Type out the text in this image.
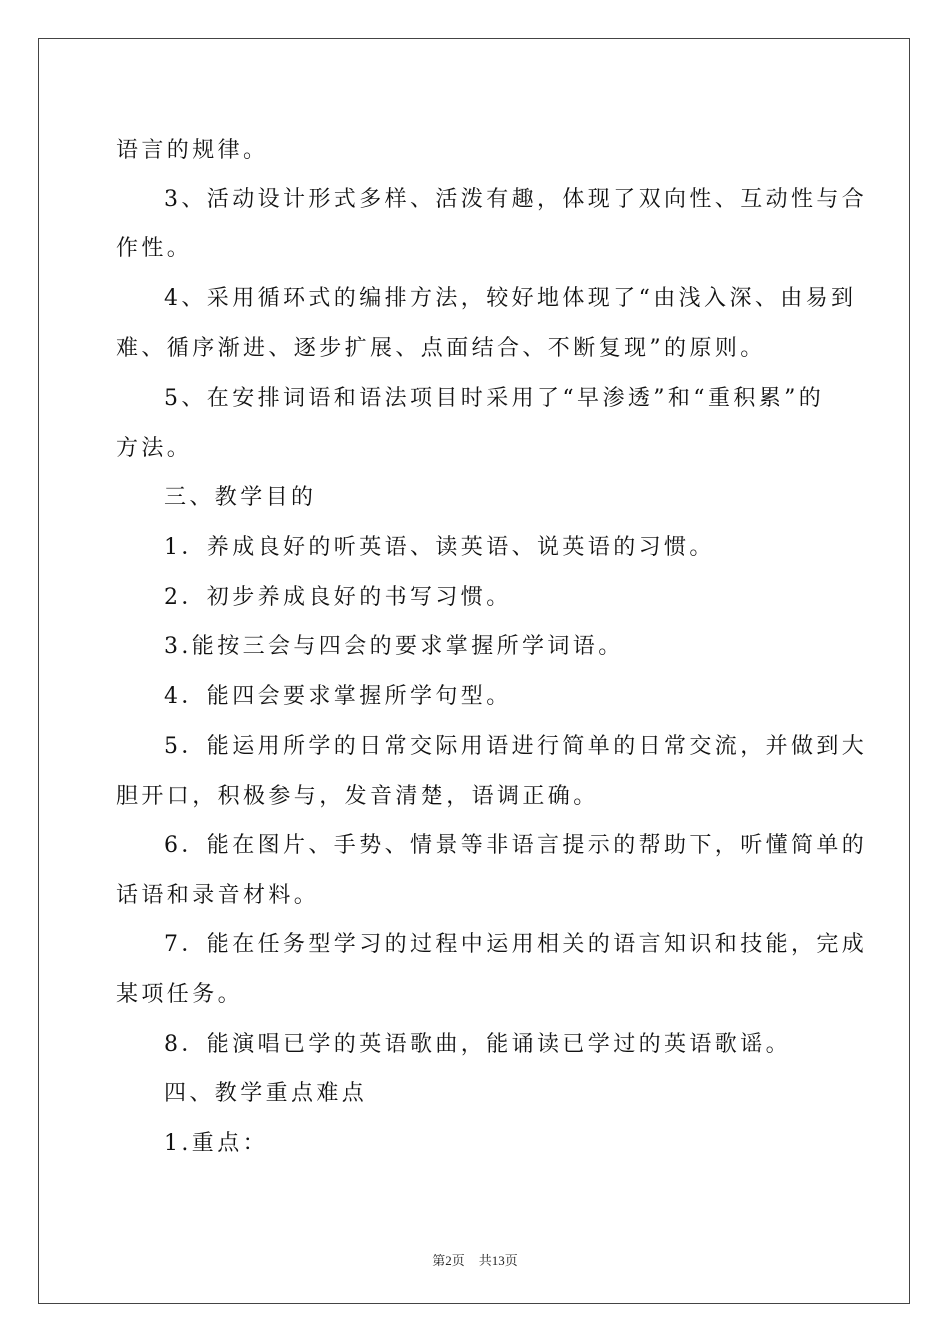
语言的规律。

3、活动设计形式多样、活泼有趣，体现了双向性、互动性与合

作性。

4、采用循环式的编排方法，较好地体现了“由浅入深、由易到

难、循序渐进、逐步扩展、点面结合、不断复现”的原则。

5、在安排词语和语法项目时采用了“早渗透”和“重积累”的

方法。

三、教学目的

1．养成良好的听英语、读英语、说英语的习惯。

2．初步养成良好的书写习惯。

3.能按三会与四会的要求掌握所学词语。

4．能四会要求掌握所学句型。

5．能运用所学的日常交际用语进行简单的日常交流，并做到大

胆开口，积极参与，发音清楚，语调正确。

6．能在图片、手势、情景等非语言提示的帮助下，听懂简单的

话语和录音材料。

7．能在任务型学习的过程中运用相关的语言知识和技能，完成

某项任务。

8．能演唱已学的英语歌曲，能诵读已学过的英语歌谣。

四、教学重点难点

1.重点：

第2页 共13页
